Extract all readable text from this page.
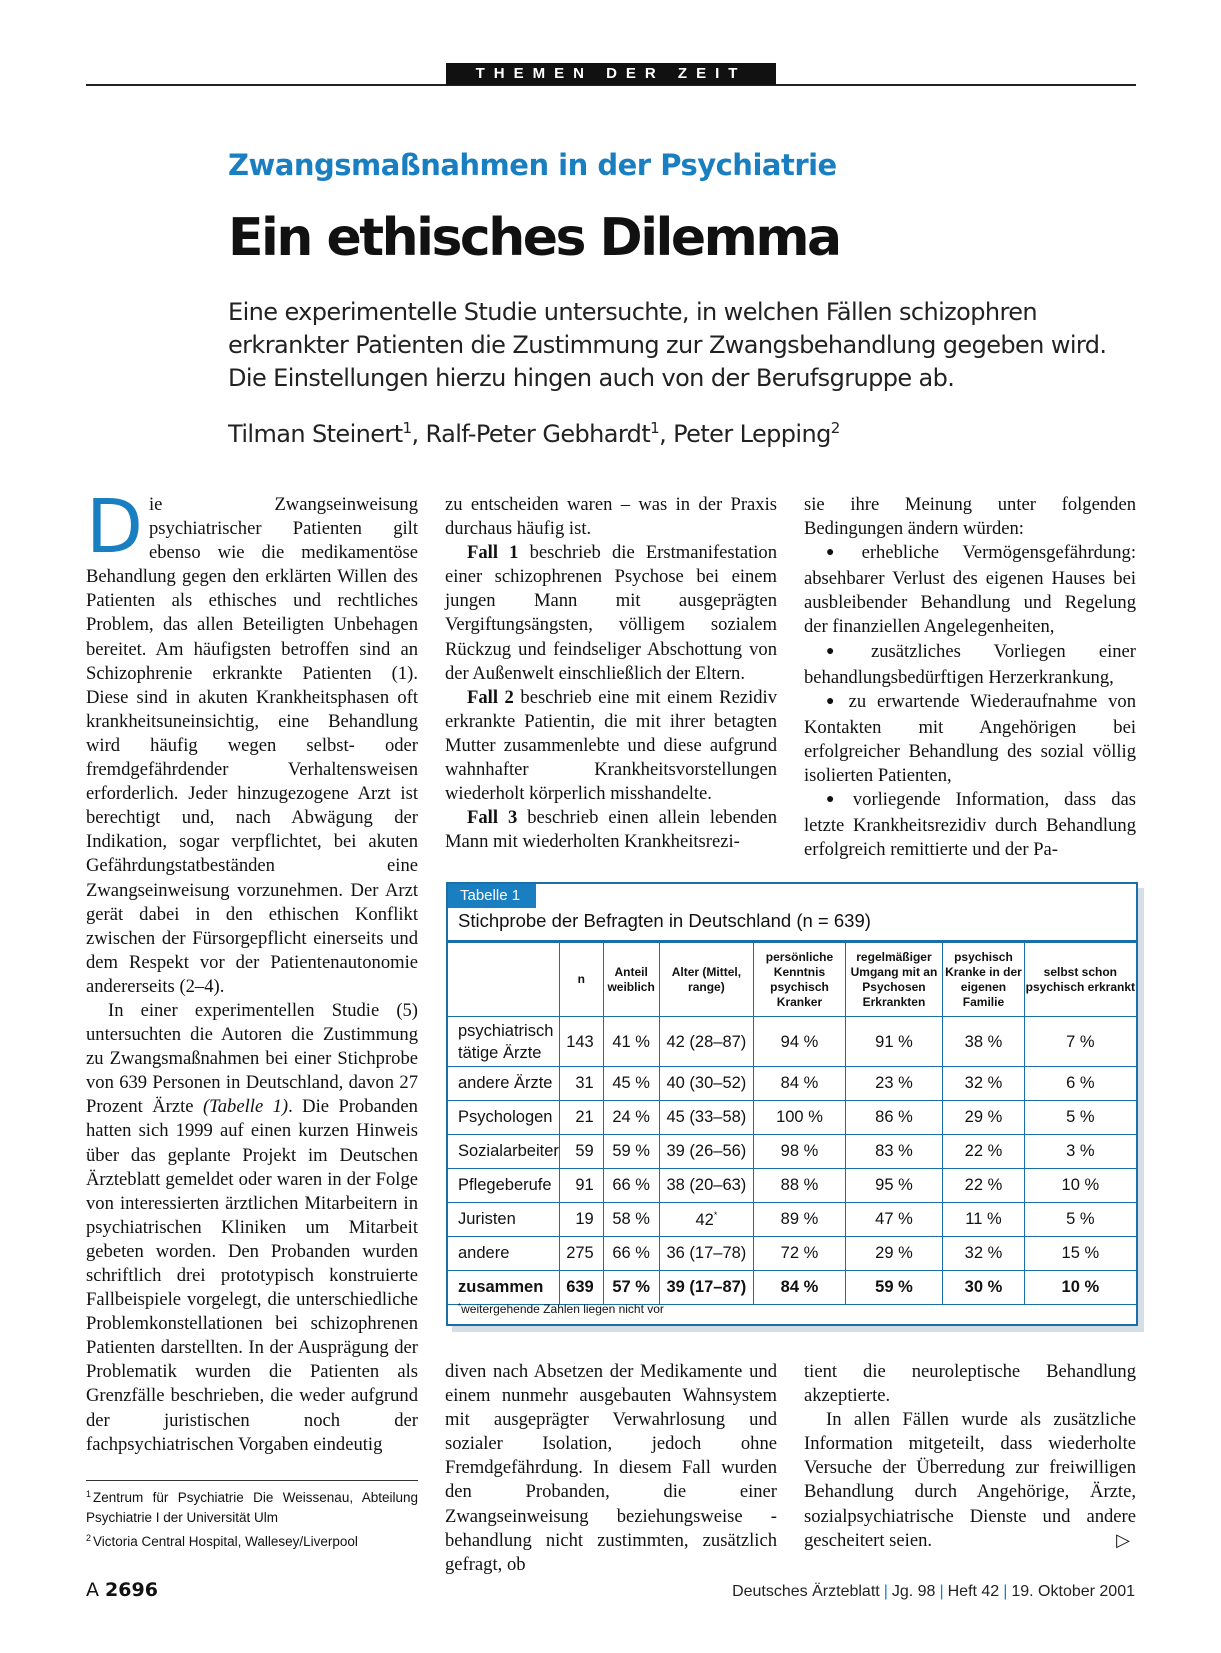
THEMEN DER ZEIT
Zwangsmaßnahmen in der Psychiatrie
Ein ethisches Dilemma

Eine experimentelle Studie untersuchte, in welchen Fällen schizophren erkrankter Patienten die Zustimmung zur Zwangsbehandlung gegeben wird. Die Einstellungen hierzu hingen auch von der Berufsgruppe ab.

Tilman Steinert$^1$, Ralf-Peter Gebhardt$^1$, Peter Lepping$^2$

Die Zwangseinweisung psychiatrischer Patienten gilt ebenso wie die medikamentöse Behandlung gegen den erklärten Willen des Patienten als ethisches und rechtliches Problem, das allen Beteiligten Unbehagen bereitet. Am häufigsten betroffen sind an Schizophrenie erkrankte Patienten (1). Diese sind in akuten Krankheitsphasen oft krankheitsuneinsichtig, eine Behandlung wird häufig wegen selbst- oder fremdgefährdender Verhaltensweisen erforderlich. Jeder hinzugezogene Arzt ist berechtigt und, nach Abwägung der Indikation, sogar verpflichtet, bei akuten Gefährdungstatbeständen eine Zwangseinweisung vorzunehmen. Der Arzt gerät dabei in den ethischen Konflikt zwischen der Fürsorgepflicht einerseits und dem Respekt vor der Patientenautonomie andererseits (2–4).

In einer experimentellen Studie (5) untersuchten die Autoren die Zustimmung zu Zwangsmaßnahmen bei einer Stichprobe von 639 Personen in Deutschland, davon 27 Prozent Ärzte (Tabelle 1). Die Probanden hatten sich 1999 auf einen kurzen Hinweis über das geplante Projekt im Deutschen Ärzteblatt gemeldet oder waren in der Folge von interessierten ärztlichen Mitarbeitern in psychiatrischen Kliniken um Mitarbeit gebeten worden. Den Probanden wurden schriftlich drei prototypisch konstruierte Fallbeispiele vorgelegt, die unterschiedliche Problemkonstellationen bei schizophrenen Patienten darstellten. In der Ausprägung der Problematik wurden die Patienten als Grenzfälle beschrieben, die weder aufgrund der juristischen noch der fachpsychiatrischen Vorgaben eindeutig

$^1$ Zentrum für Psychiatrie Die Weissenau, Abteilung Psychiatrie I der Universität Ulm

$^2$ Victoria Central Hospital, Wallesey/Liverpool

zu entscheiden waren – was in der Praxis durchaus häufig ist.

Fall 1 beschrieb die Erstmanifestation einer schizophrenen Psychose bei einem jungen Mann mit ausgeprägten Vergiftungsängsten, völligem sozialem Rückzug und feindseliger Abschottung von der Außenwelt einschließlich der Eltern.

Fall 2 beschrieb eine mit einem Rezidiv erkrankte Patientin, die mit ihrer betagten Mutter zusammenlebte und diese aufgrund wahnhafter Krankheitsvorstellungen wiederholt körperlich misshandelte.

Fall 3 beschrieb einen allein lebenden Mann mit wiederholten Krankheitsrezi-

sie ihre Meinung unter folgenden Bedingungen ändern würden:

● erhebliche Vermögensgefährdung: absehbarer Verlust des eigenen Hauses bei ausbleibender Behandlung und Regelung der finanziellen Angelegenheiten,

● zusätzliches Vorliegen einer behandlungsbedürftigen Herzerkrankung,

● zu erwartende Wiederaufnahme von Kontakten mit Angehörigen bei erfolgreicher Behandlung des sozial völlig isolierten Patienten,

● vorliegende Information, dass das letzte Krankheitsrezidiv durch Behandlung erfolgreich remittierte und der Pa-

Tabelle 1
Stichprobe der Befragten in Deutschland (n = 639)
	n	Anteil weiblich	Alter (Mittel, range)	persönliche Kenntnis psychisch Kranker	regelmäßiger Umgang mit an Psychosen Erkrankten	psychisch Kranke in der eigenen Familie	selbst schon psychisch erkrankt
psychiatrisch tätige Ärzte	143	41 %	42 (28–87)	94 %	91 %	38 %	7 %
andere Ärzte	31	45 %	40 (30–52)	84 %	23 %	32 %	6 %
Psychologen	21	24 %	45 (33–58)	100 %	86 %	29 %	5 %
Sozialarbeiter	59	59 %	39 (26–56)	98 %	83 %	22 %	3 %
Pflegeberufe	91	66 %	38 (20–63)	88 %	95 %	22 %	10 %
Juristen	19	58 %	42*	89 %	47 %	11 %	5 %
andere	275	66 %	36 (17–78)	72 %	29 %	32 %	15 %
zusammen	639	57 %	39 (17–87)	84 %	59 %	30 %	10 %
*weitergehende Zahlen liegen nicht vor

diven nach Absetzen der Medikamente und einem nunmehr ausgebauten Wahnsystem mit ausgeprägter Verwahrlosung und sozialer Isolation, jedoch ohne Fremdgefährdung. In diesem Fall wurden den Probanden, die einer Zwangseinweisung beziehungsweise -behandlung nicht zustimmten, zusätzlich gefragt, ob

tient die neuroleptische Behandlung akzeptierte.

In allen Fällen wurde als zusätzliche Information mitgeteilt, dass wiederholte Versuche der Überredung zur freiwilligen Behandlung durch Angehörige, Ärzte, sozialpsychiatrische Dienste und andere gescheitert seien.	▷

A 2696	Deutsches Ärzteblatt | Jg. 98 | Heft 42 | 19. Oktober 2001
